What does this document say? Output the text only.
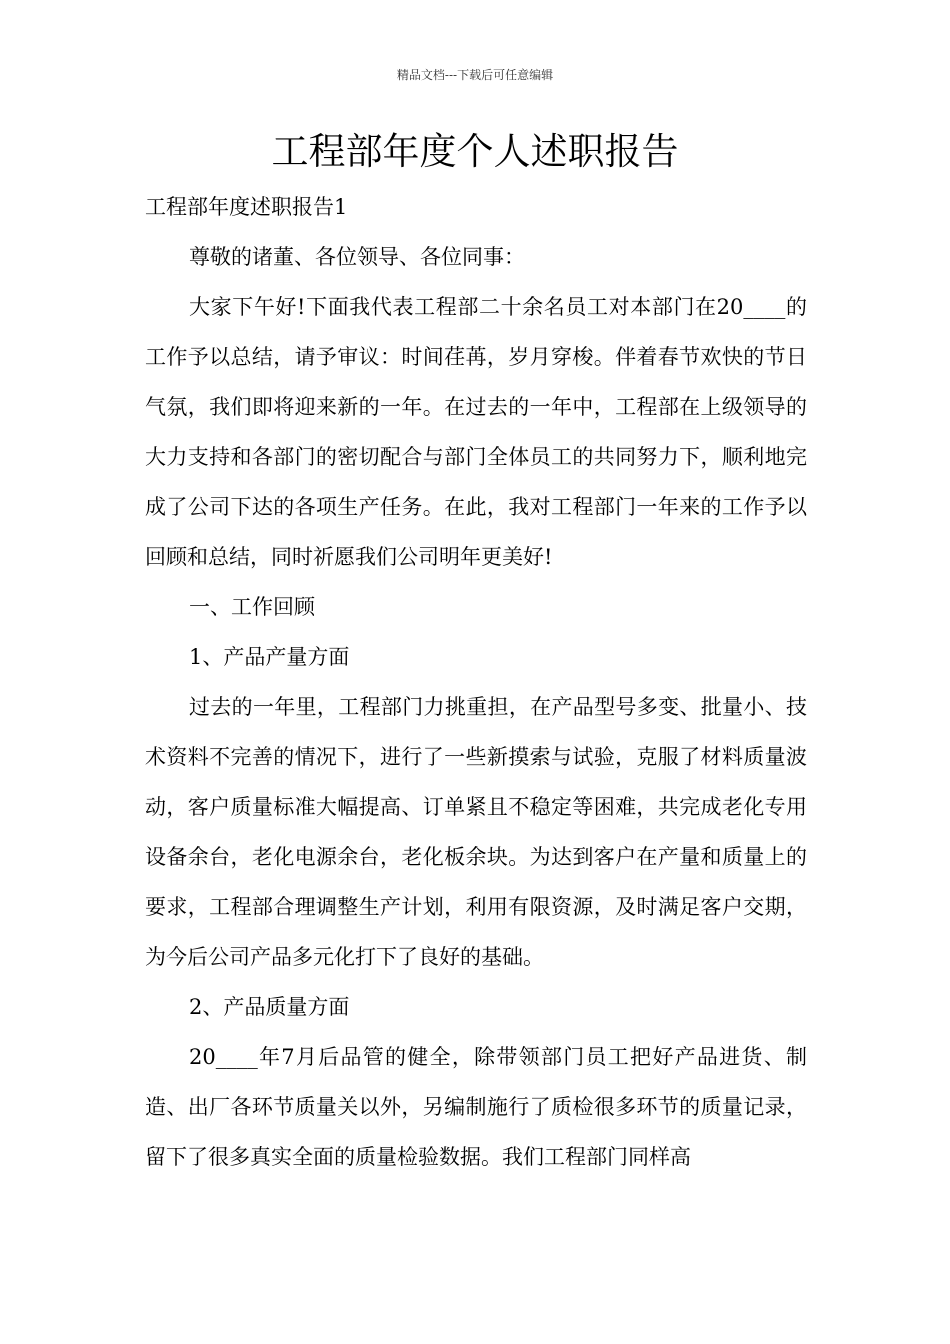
精品文档---下载后可任意编辑
工程部年度个人述职报告

工程部年度述职报告1

尊敬的诸董、各位领导、各位同事：

大家下午好!下面我代表工程部二十余名员工对本部门在20____的工作予以总结，请予审议：时间荏苒，岁月穿梭。伴着春节欢快的节日气氛，我们即将迎来新的一年。在过去的一年中，工程部在上级领导的大力支持和各部门的密切配合与部门全体员工的共同努力下，顺利地完成了公司下达的各项生产任务。在此，我对工程部门一年来的工作予以回顾和总结，同时祈愿我们公司明年更美好!

一、工作回顾

1、产品产量方面

过去的一年里，工程部门力挑重担，在产品型号多变、批量小、技术资料不完善的情况下，进行了一些新摸索与试验，克服了材料质量波动，客户质量标准大幅提高、订单紧且不稳定等困难，共完成老化专用设备余台，老化电源余台，老化板余块。为达到客户在产量和质量上的要求，工程部合理调整生产计划，利用有限资源，及时满足客户交期，为今后公司产品多元化打下了良好的基础。

2、产品质量方面

20____年7月后品管的健全，除带领部门员工把好产品进货、制造、出厂各环节质量关以外，另编制施行了质检很多环节的质量记录，留下了很多真实全面的质量检验数据。我们工程部门同样高
